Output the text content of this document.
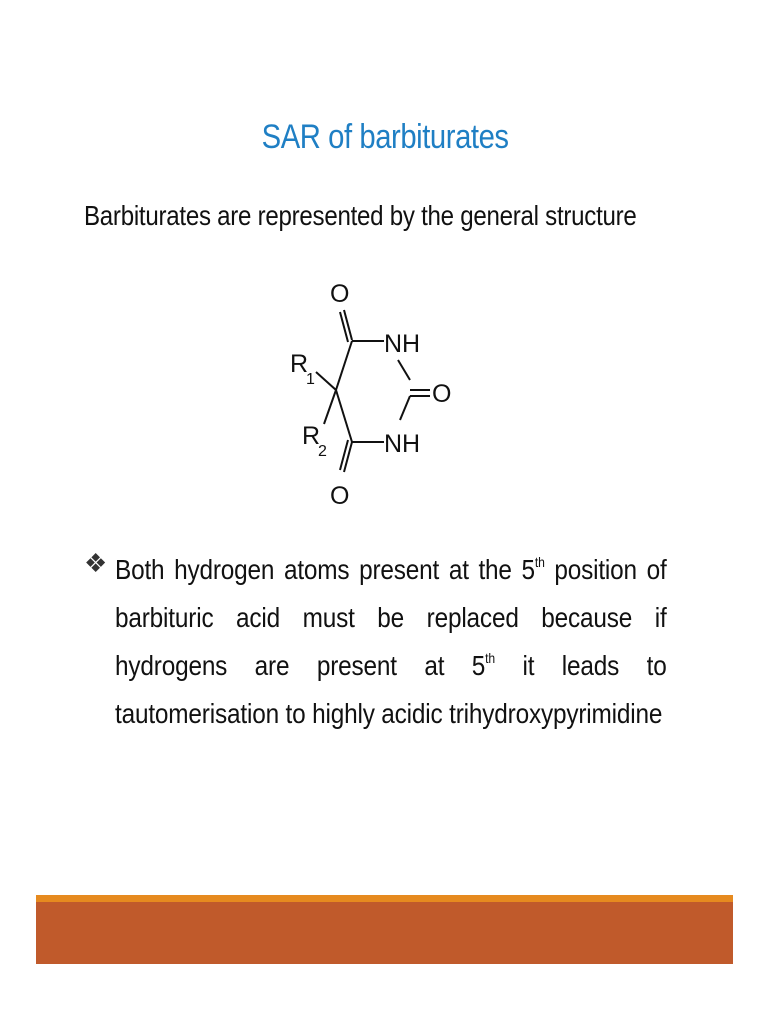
SAR of barbiturates
Barbiturates are represented by the general structure
O
NH
O
NH
O
R
1
R
2
❖ Both hydrogen atoms present at the 5th position of barbituric acid must be replaced because if hydrogens are present at 5th it leads to tautomerisation to highly acidic trihydroxypyrimidine
